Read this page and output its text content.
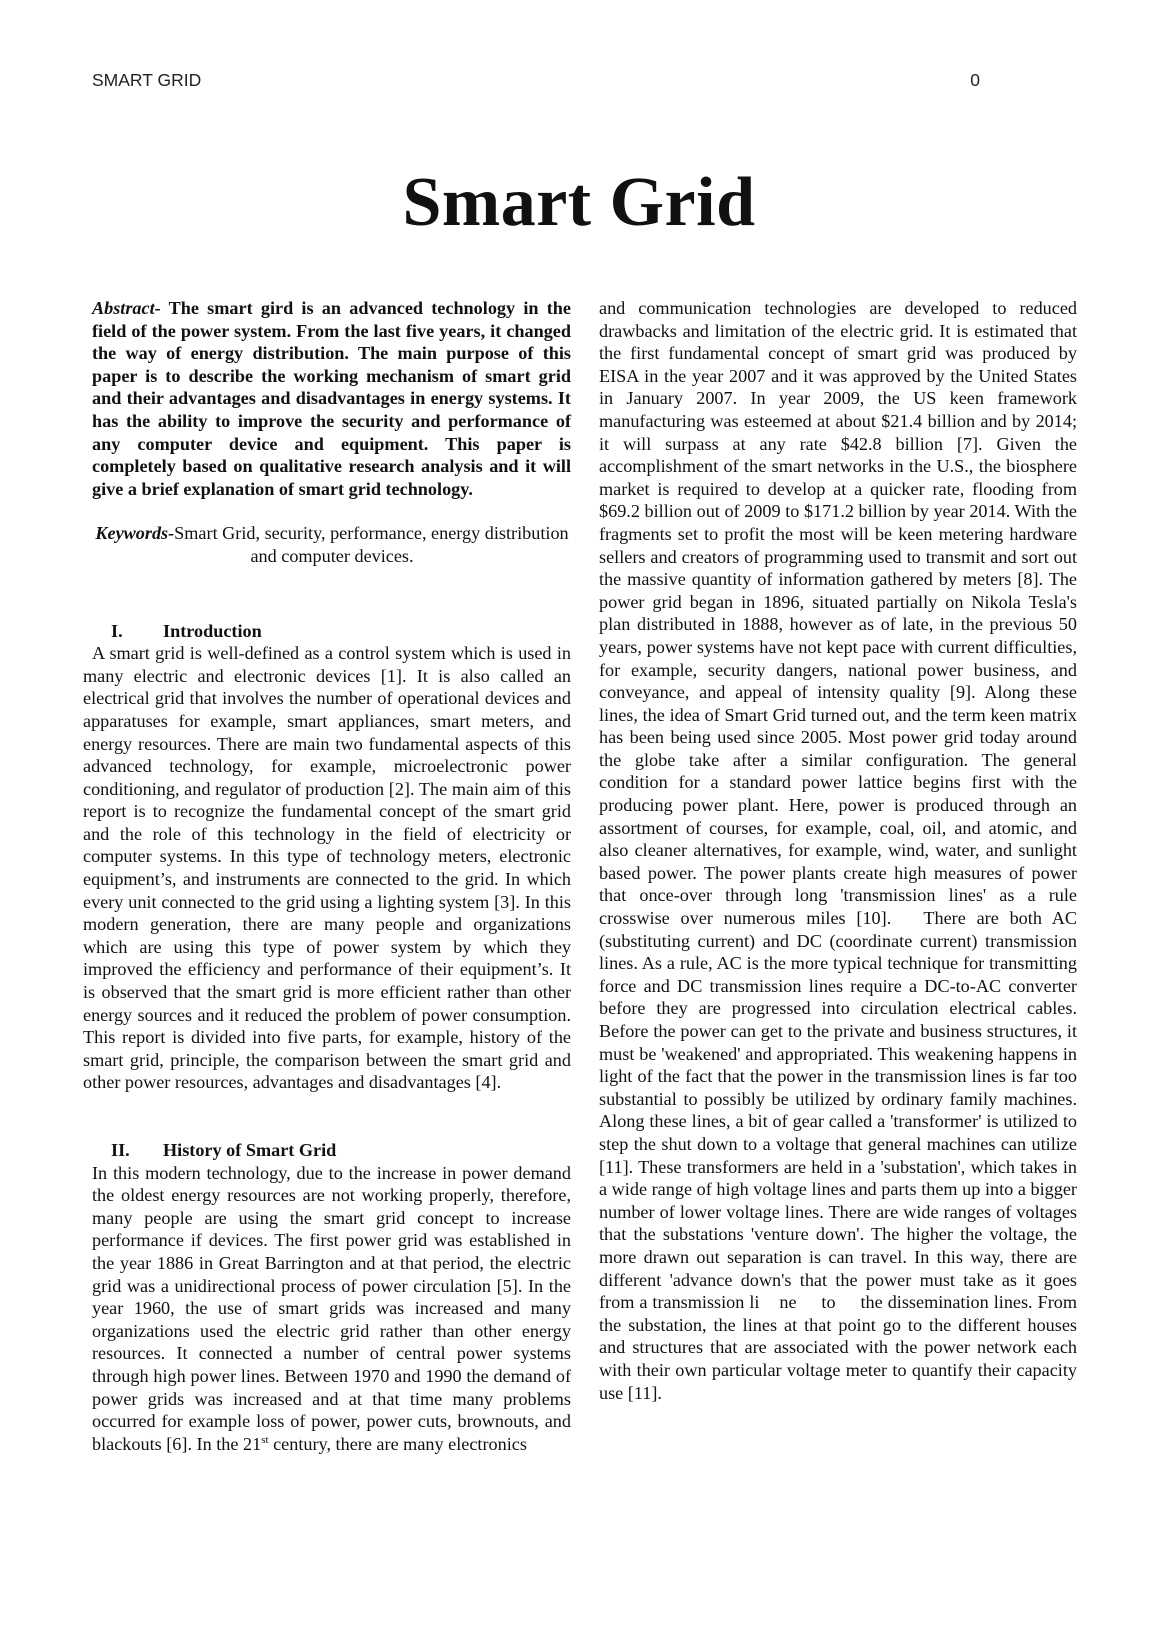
SMART GRID	0
Smart Grid

Abstract- The smart gird is an advanced technology in the field of the power system. From the last five years, it changed the way of energy distribution. The main purpose of this paper is to describe the working mechanism of smart grid and their advantages and disadvantages in energy systems. It has the ability to improve the security and performance of any computer device and equipment. This paper is completely based on qualitative research analysis and it will give a brief explanation of smart grid technology.

Keywords-Smart Grid, security, performance, energy distribution and computer devices.

I.	Introduction

A smart grid is well-defined as a control system which is used in many electric and electronic devices [1]. It is also called an electrical grid that involves the number of operational devices and apparatuses for example, smart appliances, smart meters, and energy resources. There are main two fundamental aspects of this advanced technology, for example, microelectronic power conditioning, and regulator of production [2]. The main aim of this report is to recognize the fundamental concept of the smart grid and the role of this technology in the field of electricity or computer systems. In this type of technology meters, electronic equipment’s, and instruments are connected to the grid. In which every unit connected to the grid using a lighting system [3]. In this modern generation, there are many people and organizations which are using this type of power system by which they improved the efficiency and performance of their equipment’s. It is observed that the smart grid is more efficient rather than other energy sources and it reduced the problem of power consumption. This report is divided into five parts, for example, history of the smart grid, principle, the comparison between the smart grid and other power resources, advantages and disadvantages [4].

II.	History of Smart Grid

In this modern technology, due to the increase in power demand the oldest energy resources are not working properly, therefore, many people are using the smart grid concept to increase performance if devices. The first power grid was established in the year 1886 in Great Barrington and at that period, the electric grid was a unidirectional process of power circulation [5]. In the year 1960, the use of smart grids was increased and many organizations used the electric grid rather than other energy resources. It connected a number of central power systems through high power lines. Between 1970 and 1990 the demand of power grids was increased and at that time many problems occurred for example loss of power, power cuts, brownouts, and blackouts [6]. In the 21st century, there are many electronics

and communication technologies are developed to reduced drawbacks and limitation of the electric grid. It is estimated that the first fundamental concept of smart grid was produced by EISA in the year 2007 and it was approved by the United States in January 2007. In year 2009, the US keen framework manufacturing was esteemed at about $21.4 billion and by 2014; it will surpass at any rate $42.8 billion [7]. Given the accomplishment of the smart networks in the U.S., the biosphere market is required to develop at a quicker rate, flooding from $69.2 billion out of 2009 to $171.2 billion by year 2014. With the fragments set to profit the most will be keen metering hardware sellers and creators of programming used to transmit and sort out the massive quantity of information gathered by meters [8]. The power grid began in 1896, situated partially on Nikola Tesla's plan distributed in 1888, however as of late, in the previous 50 years, power systems have not kept pace with current difficulties, for example, security dangers, national power business, and conveyance, and appeal of intensity quality [9]. Along these lines, the idea of Smart Grid turned out, and the term keen matrix has been being used since 2005. Most power grid today around the globe take after a similar configuration. The general condition for a standard power lattice begins first with the producing power plant. Here, power is produced through an assortment of courses, for example, coal, oil, and atomic, and also cleaner alternatives, for example, wind, water, and sunlight based power. The power plants create high measures of power that once-over through long 'transmission lines' as a rule crosswise over numerous miles [10].   There are both AC (substituting current) and DC (coordinate current) transmission lines. As a rule, AC is the more typical technique for transmitting force and DC transmission lines require a DC-to-AC converter before they are progressed into circulation electrical cables. Before the power can get to the private and business structures, it must be 'weakened' and appropriated. This weakening happens in light of the fact that the power in the transmission lines is far too substantial to possibly be utilized by ordinary family machines. Along these lines, a bit of gear called a 'transformer' is utilized to step the shut down to a voltage that general machines can utilize [11]. These transformers are held in a 'substation', which takes in a wide range of high voltage lines and parts them up into a bigger number of lower voltage lines. There are wide ranges of voltages that the substations 'venture down'. The higher the voltage, the more drawn out separation is can travel. In this way, there are different 'advance down's that the power must take as it goes from a transmission li    ne     to     the dissemination lines. From the substation, the lines at that point go to the different houses and structures that are associated with the power network each with their own particular voltage meter to quantify their capacity use [11].
